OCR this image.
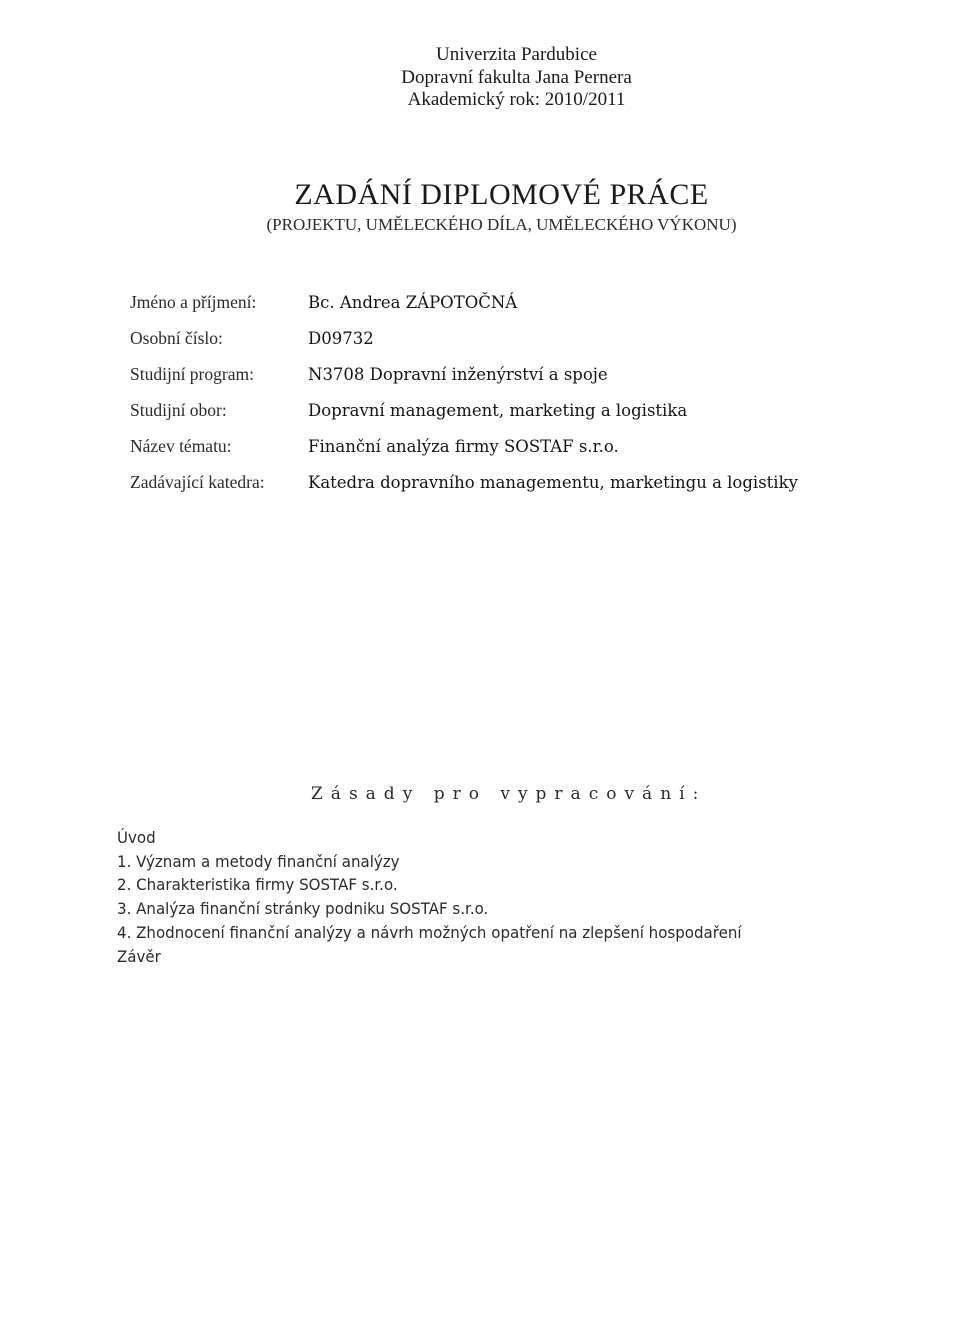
Univerzita Pardubice
Dopravní fakulta Jana Pernera
Akademický rok: 2010/2011
ZADÁNÍ DIPLOMOVÉ PRÁCE
(PROJEKTU, UMĚLECKÉHO DÍLA, UMĚLECKÉHO VÝKONU)
Jméno a příjmení:	Bc. Andrea ZÁPOTOČNÁ
Osobní číslo:	D09732
Studijní program:	N3708 Dopravní inženýrství a spoje
Studijní obor:	Dopravní management, marketing a logistika
Název tématu:	Finanční analýza firmy SOSTAF s.r.o.
Zadávající katedra:	Katedra dopravního managementu, marketingu a logistiky
Zásady pro vypracování:
Úvod
1. Význam a metody finanční analýzy
2. Charakteristika firmy SOSTAF s.r.o.
3. Analýza finanční stránky podniku SOSTAF s.r.o.
4. Zhodnocení finanční analýzy a návrh možných opatření na zlepšení hospodaření
Závěr
